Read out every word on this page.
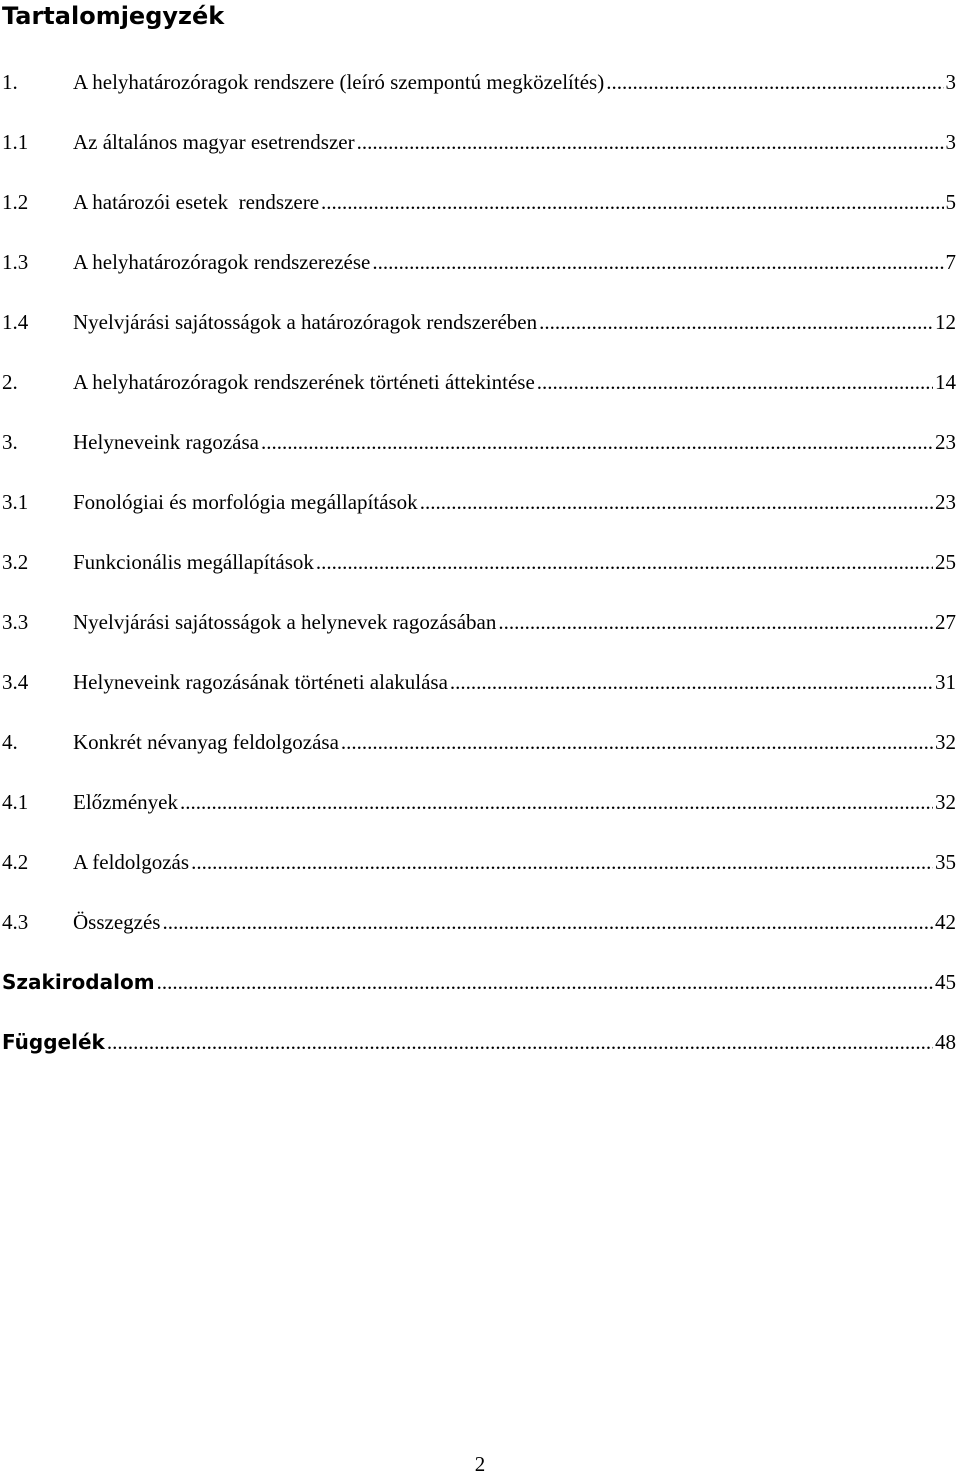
Tartalomjegyzék
1.	A helyhatározóragok rendszere (leíró szempontú megközelítés) .....	3
1.1	Az általános magyar esetrendszer .....	3
1.2	A határozói esetek  rendszere .....	5
1.3	A helyhatározóragok rendszerezése .....	7
1.4	Nyelvjárási sajátosságok a határozóragok rendszerében .....	12
2.	A helyhatározóragok rendszerének történeti áttekintése .....	14
3.	Helyneveink ragozása .....	23
3.1	Fonológiai és morfológia megállapítások .....	23
3.2	Funkcionális megállapítások .....	25
3.3	Nyelvjárási sajátosságok a helynevek ragozásában .....	27
3.4	Helyneveink ragozásának történeti alakulása .....	31
4.	Konkrét névanyag feldolgozása .....	32
4.1	Előzmények .....	32
4.2	A feldolgozás .....	35
4.3	Összegzés .....	42
Szakirodalom .....	45
Függelék .....	48
2
